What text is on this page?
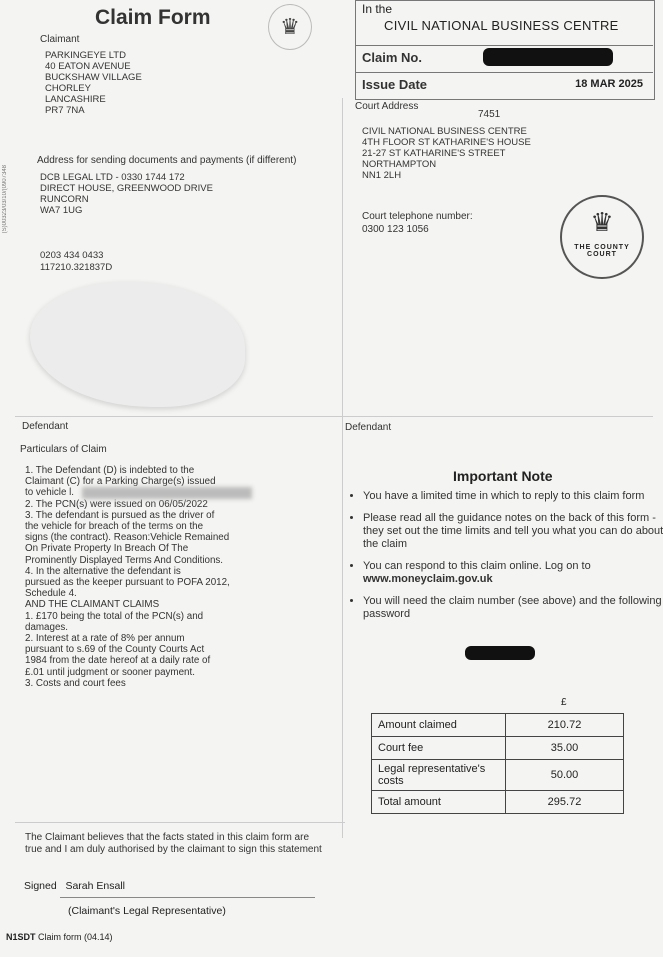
Claim Form	♛
(S)00323/03/10/(0907348
Claimant
PARKINGEYE LTD
40 EATON AVENUE
BUCKSHAW VILLAGE
CHORLEY
LANCASHIRE
PR7 7NA
Address for sending documents and payments (if different)
DCB LEGAL LTD - 0330 1744 172
DIRECT HOUSE, GREENWOOD DRIVE
RUNCORN
WA7 1UG
0203 434 0433
117210.321837D
In the
CIVIL NATIONAL BUSINESS CENTRE
Claim No.
Issue Date	18 MAR 2025
Court Address
7451
CIVIL NATIONAL BUSINESS CENTRE
4TH FLOOR ST KATHARINE'S HOUSE
21-27 ST KATHARINE'S STREET
NORTHAMPTON
NN1 2LH
Court telephone number:
0300 123 1056	♛
THE COUNTY COURT
Defendant	Defendant
Particulars of Claim
1. The Defendant (D) is indebted to the
Claimant (C) for a Parking Charge(s) issued
to vehicle l.
2. The PCN(s) were issued on 06/05/2022
3. The defendant is pursued as the driver of
the vehicle for breach of the terms on the
signs (the contract). Reason:Vehicle Remained
On Private Property In Breach Of The
Prominently Displayed Terms And Conditions.
4. In the alternative the defendant is
pursued as the keeper pursuant to POFA 2012,
Schedule 4.
AND THE CLAIMANT CLAIMS
1. £170 being the total of the PCN(s) and
damages.
2. Interest at a rate of 8% per annum
pursuant to s.69 of the County Courts Act
1984 from the date hereof at a daily rate of
£.01 until judgment or sooner payment.
3. Costs and court fees
Important Note
• You have a limited time in which to reply to this claim form
• Please read all the guidance notes on the back of this form - they set out the time limits and tell you what you can do about the claim
• You can respond to this claim online. Log on to
www.moneyclaim.gov.uk
• You will need the claim number (see above) and the following password
£
Amount claimed	210.72
Court fee	35.00
Legal representative's costs	50.00
Total amount	295.72
The Claimant believes that the facts stated in this claim form are true and I am duly authorised by the claimant to sign this statement
Signed Sarah Ensall
(Claimant's Legal Representative)
N1SDT Claim form (04.14)
